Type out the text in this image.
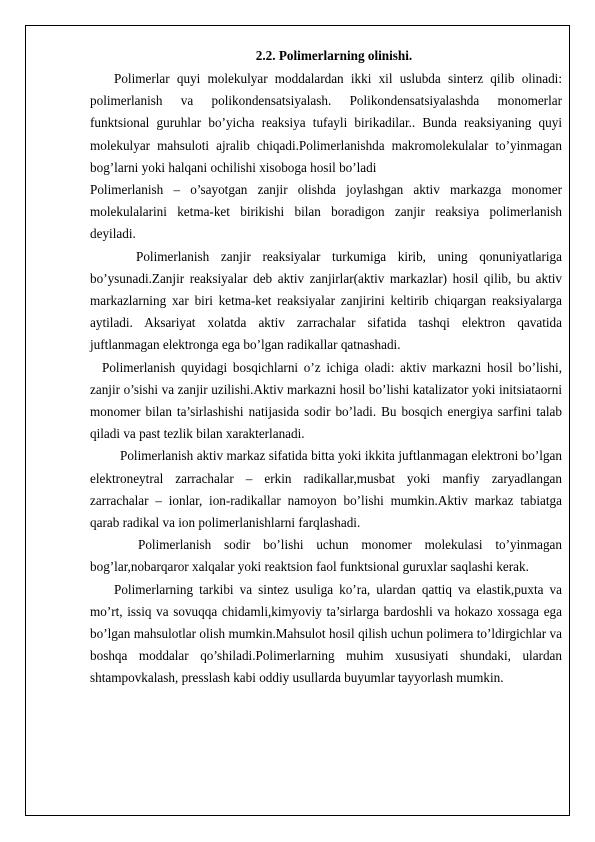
2.2. Polimerlarning olinishi.

Polimerlar quyi molekulyar moddalardan ikki xil uslubda sinterz qilib olinadi: polimerlanish va polikondensatsiyalash. Polikondensatsiyalashda monomerlar funktsional guruhlar bo’yicha reaksiya tufayli birikadilar.. Bunda reaksiyaning quyi molekulyar mahsuloti ajralib chiqadi.Polimerlanishda makromolekulalar to’yinmagan bog’larni yoki halqani ochilishi xisoboga hosil bo’ladi

Polimerlanish – o’sayotgan zanjir olishda joylashgan aktiv markazga monomer molekulalarini ketma-ket birikishi bilan boradigon zanjir reaksiya polimerlanish deyiladi.

Polimerlanish zanjir reaksiyalar turkumiga kirib, uning qonuniyatlariga bo’ysunadi.Zanjir reaksiyalar deb aktiv zanjirlar(aktiv markazlar) hosil qilib, bu aktiv markazlarning xar biri ketma-ket reaksiyalar zanjirini keltirib chiqargan reaksiyalarga aytiladi. Aksariyat xolatda aktiv zarrachalar sifatida tashqi elektron qavatida juftlanmagan elektronga ega bo’lgan radikallar qatnashadi.

Polimerlanish quyidagi bosqichlarni o’z ichiga oladi: aktiv markazni hosil bo’lishi, zanjir o’sishi va zanjir uzilishi.Aktiv markazni hosil bo’lishi katalizator yoki initsiataorni monomer bilan ta’sirlashishi natijasida sodir bo’ladi. Bu bosqich energiya sarfini talab qiladi va past tezlik bilan xarakterlanadi.

Polimerlanish aktiv markaz sifatida bitta yoki ikkita juftlanmagan elektroni bo’lgan elektroneytral zarrachalar – erkin radikallar,musbat yoki manfiy zaryadlangan zarrachalar – ionlar, ion-radikallar namoyon bo’lishi mumkin.Aktiv markaz tabiatga qarab radikal va ion polimerlanishlarni farqlashadi.

Polimerlanish sodir bo’lishi uchun monomer molekulasi to’yinmagan bog’lar,nobarqaror xalqalar yoki reaktsion faol funktsional guruxlar saqlashi kerak.

Polimerlarning tarkibi va sintez usuliga ko’ra, ulardan qattiq va elastik,puxta va mo’rt, issiq va sovuqqa chidamli,kimyoviy ta’sirlarga bardoshli va hokazo xossaga ega bo’lgan mahsulotlar olish mumkin.Mahsulot hosil qilish uchun polimera to’ldirgichlar va boshqa moddalar qo’shiladi.Polimerlarning muhim xususiyati shundaki, ulardan shtampovkalash, presslash kabi oddiy usullarda buyumlar tayyorlash mumkin.
